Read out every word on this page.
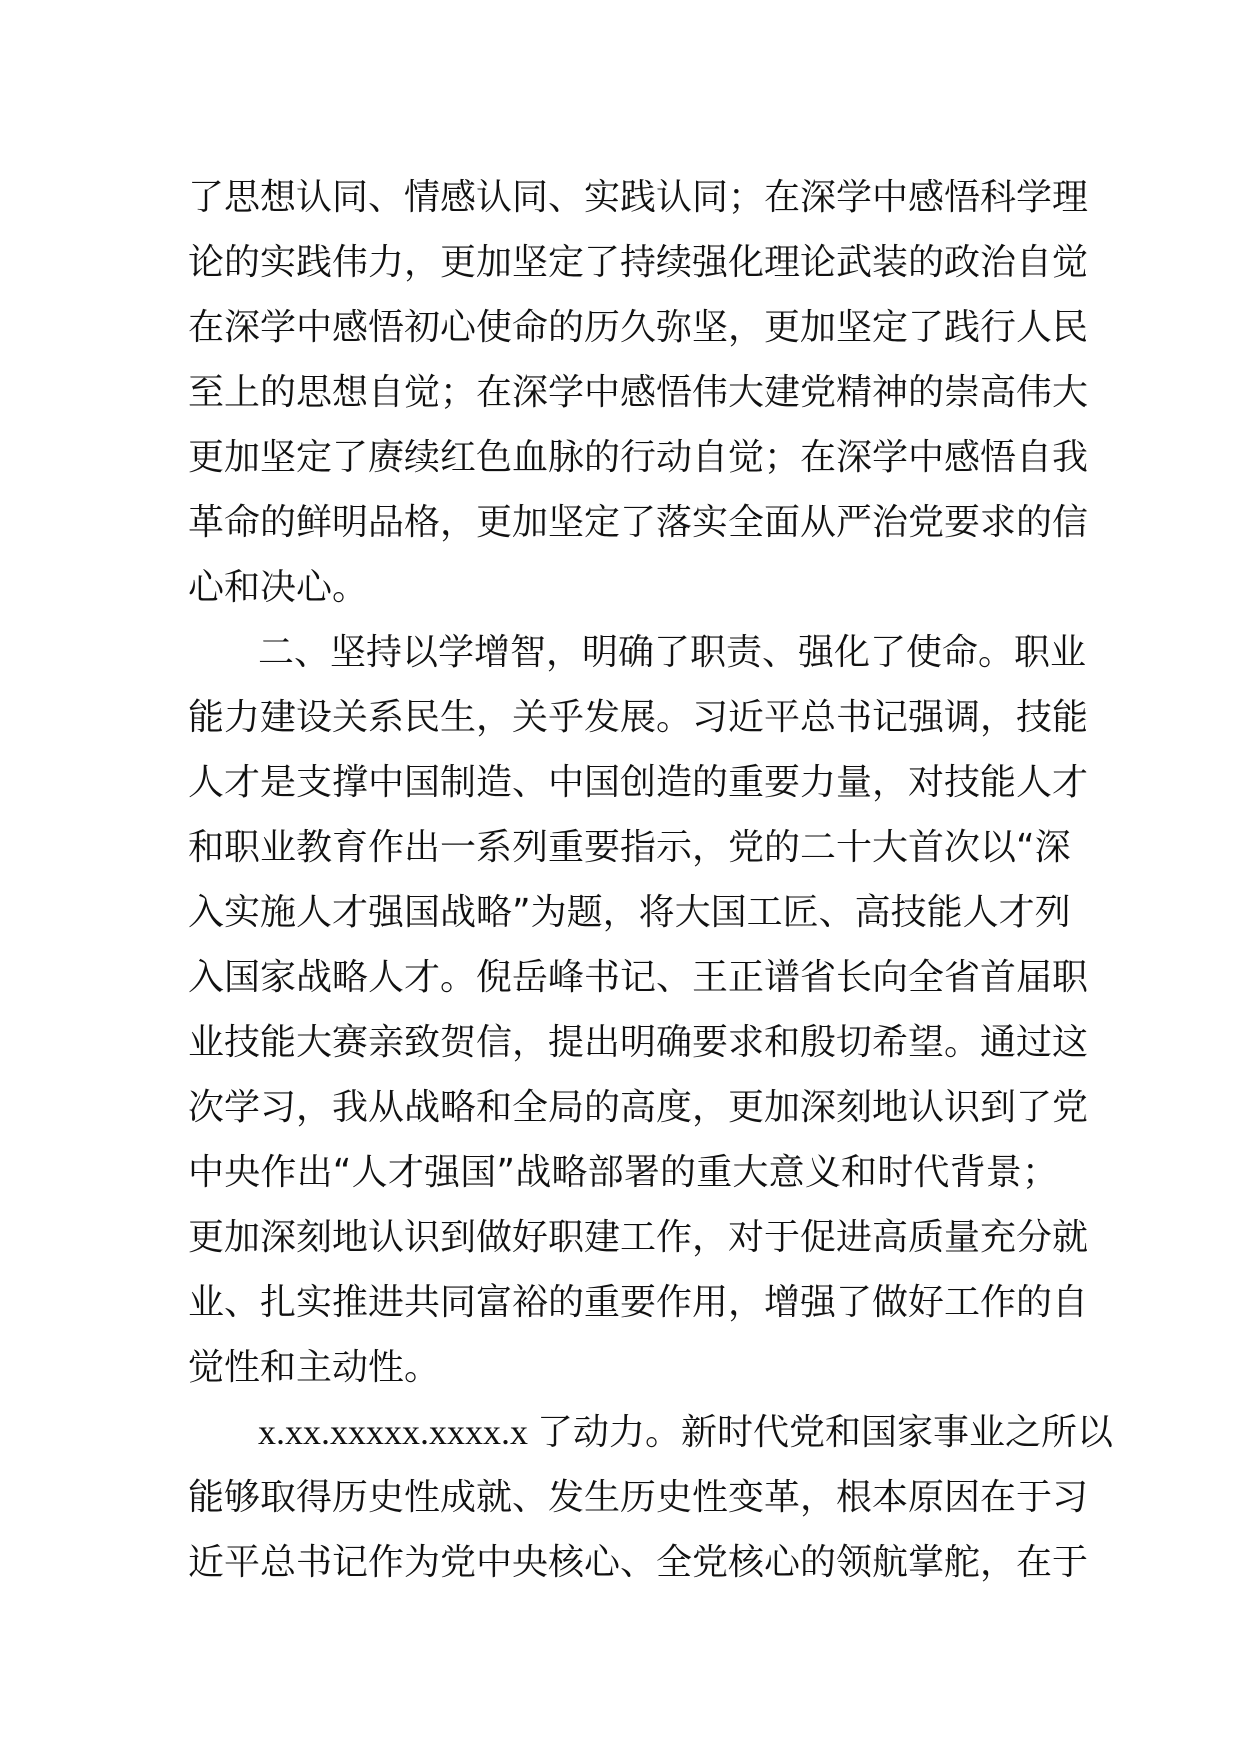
了思想认同、情感认同、实践认同；在深学中感悟科学理
论的实践伟力，更加坚定了持续强化理论武装的政治自觉
在深学中感悟初心使命的历久弥坚，更加坚定了践行人民
至上的思想自觉；在深学中感悟伟大建党精神的崇高伟大
更加坚定了赓续红色血脉的行动自觉；在深学中感悟自我
革命的鲜明品格，更加坚定了落实全面从严治党要求的信
心和决心。
二、坚持以学增智，明确了职责、强化了使命。职业
能力建设关系民生，关乎发展。习近平总书记强调，技能
人才是支撑中国制造、中国创造的重要力量，对技能人才
和职业教育作出一系列重要指示，党的二十大首次以“深
入实施人才强国战略”为题，将大国工匠、高技能人才列
入国家战略人才。倪岳峰书记、王正谱省长向全省首届职
业技能大赛亲致贺信，提出明确要求和殷切希望。通过这
次学习，我从战略和全局的高度，更加深刻地认识到了党
中央作出“人才强国”战略部署的重大意义和时代背景；
更加深刻地认识到做好职建工作，对于促进高质量充分就
业、扎实推进共同富裕的重要作用，增强了做好工作的自
觉性和主动性。
x.xx.xxxxx.xxxx.x 了动力。新时代党和国家事业之所以
能够取得历史性成就、发生历史性变革，根本原因在于习
近平总书记作为党中央核心、全党核心的领航掌舵，在于
